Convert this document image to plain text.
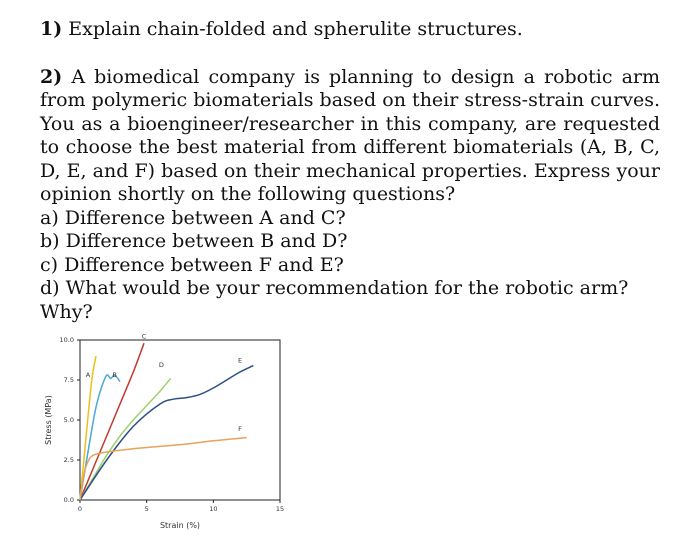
1) Explain chain-folded and spherulite structures.
2) A biomedical company is planning to design a robotic arm from polymeric biomaterials based on their stress-strain curves. You as a bioengineer/researcher in this company, are requested to choose the best material from different biomaterials (A, B, C, D, E, and F) based on their mechanical properties. Express your opinion shortly on the following questions?
a) Difference between A and C?
b) Difference between B and D?
c) Difference between F and E?
d) What would be your recommendation for the robotic arm? Why?
0	5	10	15
0.0
2.5
5.0
7.5
10.0
A	B
C
D
E
F
Strain (%)
Stress (MPa)
